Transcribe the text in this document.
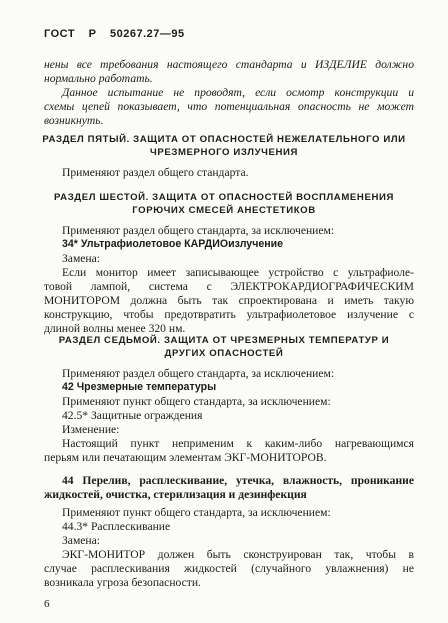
ГОСТ Р 50267.27—95
нены все требования настоящего стандарта и ИЗДЕЛИЕ должно
нормально работать.
Данное испытание не проводят, если осмотр конструкции и
схемы цепей показывает, что потенциальная опасность не может
возникнуть.
РАЗДЕЛ ПЯТЫЙ. ЗАЩИТА ОТ ОПАСНОСТЕЙ НЕЖЕЛАТЕЛЬНОГО ИЛИ
ЧРЕЗМЕРНОГО ИЗЛУЧЕНИЯ
Применяют раздел общего стандарта.
РАЗДЕЛ ШЕСТОЙ. ЗАЩИТА ОТ ОПАСНОСТЕЙ ВОСПЛАМЕНЕНИЯ
ГОРЮЧИХ СМЕСЕЙ АНЕСТЕТИКОВ
Применяют раздел общего стандарта, за исключением:
34* Ультрафиолетовое КАРДИОизлучение
Замена:
Если монитор имеет записывающее устройство с ультрафиоле-
товой лампой, система с ЭЛЕКТРОКАРДИОГРАФИЧЕСКИМ
МОНИТОРОМ должна быть так спроектирована и иметь такую
конструкцию, чтобы предотвратить ультрафиолетовое излучение с
длиной волны менее 320 нм.
РАЗДЕЛ СЕДЬМОЙ. ЗАЩИТА ОТ ЧРЕЗМЕРНЫХ ТЕМПЕРАТУР И
ДРУГИХ ОПАСНОСТЕЙ
Применяют раздел общего стандарта, за исключением:
42 Чрезмерные температуры
Применяют пункт общего стандарта, за исключением:
42.5* Защитные ограждения
Изменение:
Настоящий пункт неприменим к каким-либо нагревающимся
перьям или печатающим элементам ЭКГ-МОНИТОРОВ.
44 Перелив, расплескивание, утечка, влажность, проникание
жидкостей, очистка, стерилизация и дезинфекция
Применяют пункт общего стандарта, за исключением:
44.3* Расплескивание
Замена:
ЭКГ-МОНИТОР должен быть сконструирован так, чтобы в
случае расплескивания жидкостей (случайного увлажнения) не
возникала угроза безопасности.
6
